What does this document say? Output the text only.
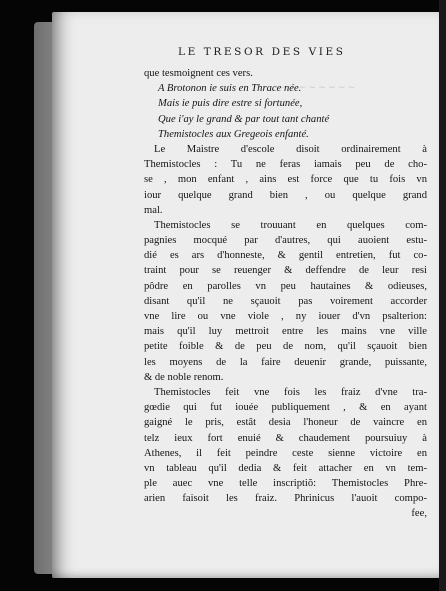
— ∼ ∼ ∼ ∼ ∼ ∼ ∼
LE TRESOR DES VIES
que tesmoignent ces vers.
A Brotonon ie suis en Thrace née.
Mais ie puis dire estre si fortunée,
Que i'ay le grand & par tout tant chanté
Themistocles aux Gregeois enfanté.
Le Maistre d'escole disoit ordinairement à
Themistocles : Tu ne feras iamais peu de cho-
se , mon enfant , ains est force que tu fois vn
iour quelque grand bien , ou quelque grand
mal.
Themistocles se trouuant en quelques com-
pagnies mocqué par d'autres, qui auoient estu-
dié es ars d'honneste, & gentil entretien, fut co-
traint pour se reuenger & deffendre de leur resi
pôdre en parolles vn peu hautaines & odieuses,
disant qu'il ne sçauoit pas voirement accorder
vne lire ou vne viole , ny iouer d'vn psalterion:
mais qu'il luy mettroit entre les mains vne ville
petite foible & de peu de nom, qu'il sçauoit bien
les moyens de la faire deuenir grande, puissante,
& de noble renom.
Themistocles feit vne fois les fraiz d'vne tra-
gœdie qui fut iouée publiquement , & en ayant
gaigné le pris, estât desia l'honeur de vaincre en
telz ieux fort enuié & chaudement poursuiuy à
Athenes, il feit peindre ceste sienne victoire en
vn tableau qu'il dedia & feit attacher en vn tem-
ple auec vne telle inscriptiõ: Themistocles Phre-
arien faisoit les fraiz. Phrinicus l'auoit compo-
fee,
